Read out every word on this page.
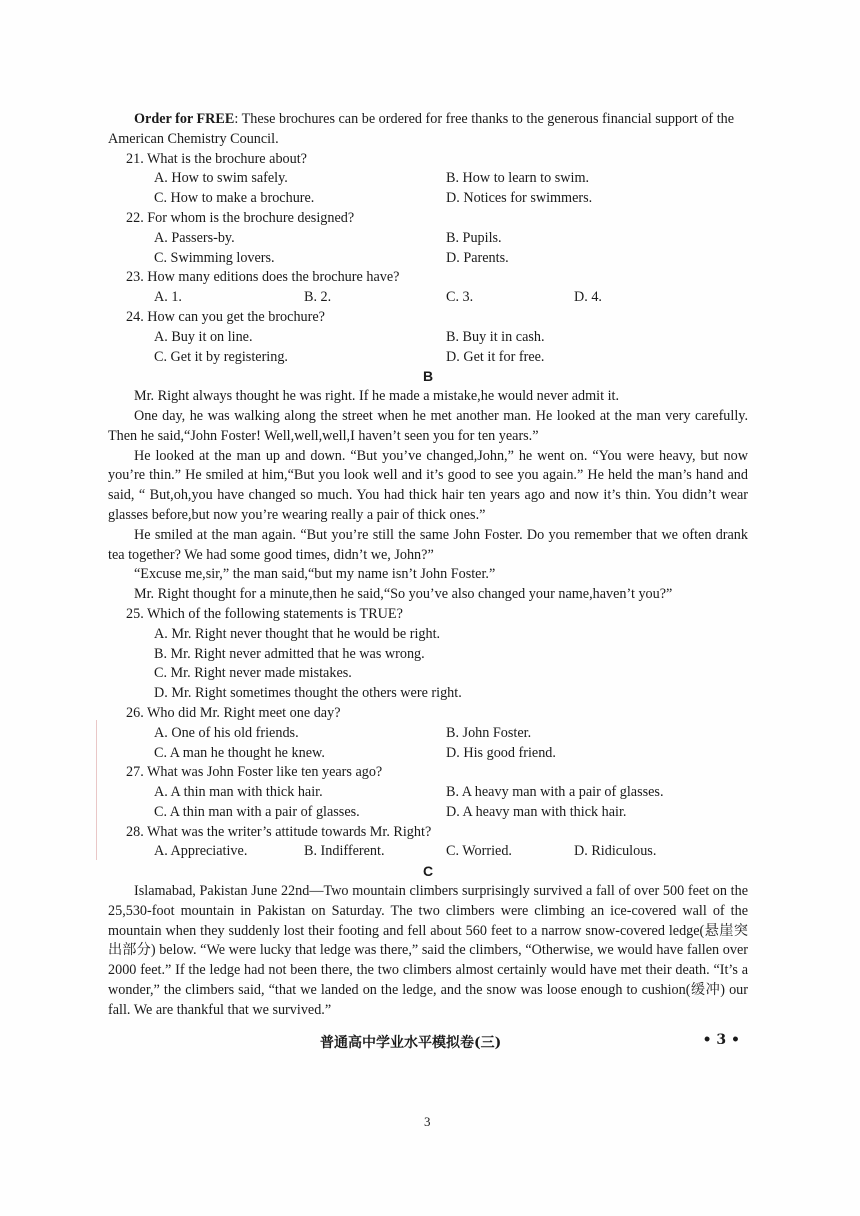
Order for FREE: These brochures can be ordered for free thanks to the generous financial support of the American Chemistry Council.

21. What is the brochure about?

A. How to swim safely.	B. How to learn to swim.

C. How to make a brochure.	D. Notices for swimmers.

22. For whom is the brochure designed?

A. Passers-by.	B. Pupils.

C. Swimming lovers.	D. Parents.

23. How many editions does the brochure have?

A. 1.	B. 2.	C. 3.	D. 4.

24. How can you get the brochure?

A. Buy it on line.	B. Buy it in cash.

C. Get it by registering.	D. Get it for free.

B

Mr. Right always thought he was right. If he made a mistake,he would never admit it.

One day, he was walking along the street when he met another man. He looked at the man very carefully. Then he said,“John Foster! Well,well,well,I haven’t seen you for ten years.”

He looked at the man up and down. “But you’ve changed,John,” he went on. “You were heavy, but now you’re thin.” He smiled at him,“But you look well and it’s good to see you again.” He held the man’s hand and said, “ But,oh,you have changed so much. You had thick hair ten years ago and now it’s thin. You didn’t wear glasses before,but now you’re wearing really a pair of thick ones.”

He smiled at the man again. “But you’re still the same John Foster. Do you remember that we often drank tea together? We had some good times, didn’t we, John?”

“Excuse me,sir,” the man said,“but my name isn’t John Foster.”

Mr. Right thought for a minute,then he said,“So you’ve also changed your name,haven’t you?”

25. Which of the following statements is TRUE?

A. Mr. Right never thought that he would be right.

B. Mr. Right never admitted that he was wrong.

C. Mr. Right never made mistakes.

D. Mr. Right sometimes thought the others were right.

26. Who did Mr. Right meet one day?

A. One of his old friends.	B. John Foster.

C. A man he thought he knew.	D. His good friend.

27. What was John Foster like ten years ago?

A. A thin man with thick hair.	B. A heavy man with a pair of glasses.

C. A thin man with a pair of glasses.	D. A heavy man with thick hair.

28. What was the writer’s attitude towards Mr. Right?

A. Appreciative.	B. Indifferent.	C. Worried.	D. Ridiculous.

C

Islamabad, Pakistan June 22nd—Two mountain climbers surprisingly survived a fall of over 500 feet on the 25,530-foot mountain in Pakistan on Saturday. The two climbers were climbing an ice-covered wall of the mountain when they suddenly lost their footing and fell about 560 feet to a narrow snow-covered ledge(悬崖突出部分) below. “We were lucky that ledge was there,” said the climbers, “Otherwise, we would have fallen over 2000 feet.” If the ledge had not been there, the two climbers almost certainly would have met their death. “It’s a wonder,” the climbers said, “that we landed on the ledge, and the snow was loose enough to cushion(缓冲) our fall. We are thankful that we survived.”

普通高中学业水平模拟卷(三)	• 3 •
3
